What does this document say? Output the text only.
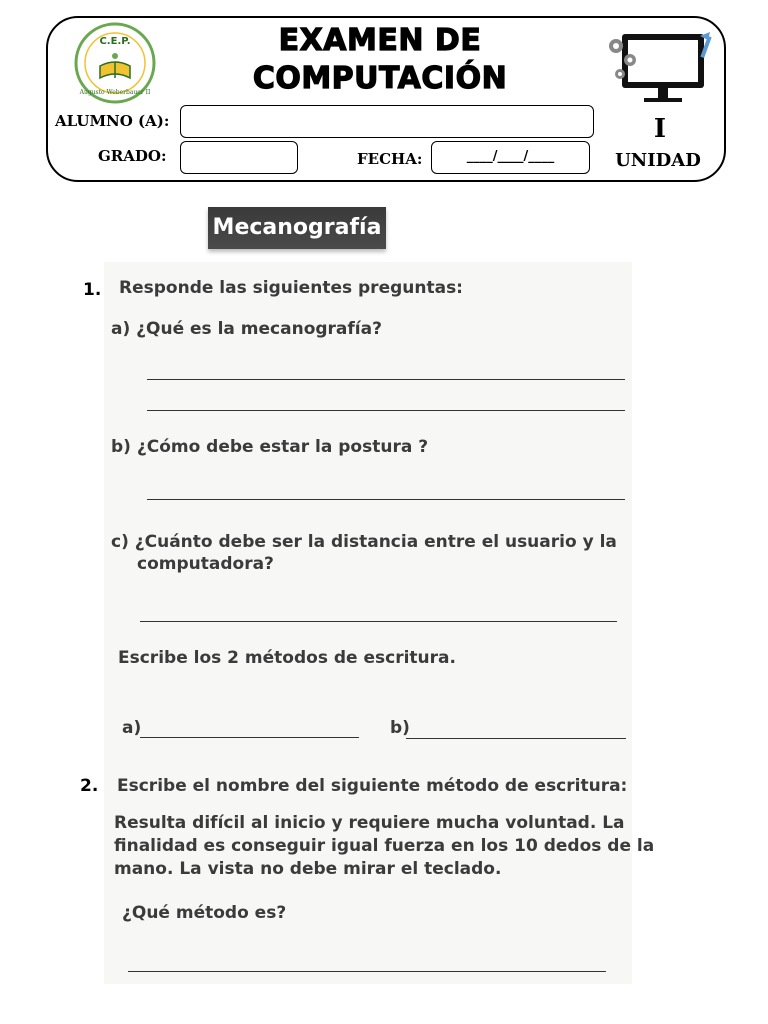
C.E.P.
Augusto Weberbauer II
EXAMEN DE
COMPUTACIÓN
ALUMNO (A):
GRADO:	FECHA:	____/____/____
I
UNIDAD
Mecanografía
1. Responde las siguientes preguntas:
a) ¿Qué es la mecanografía?
b) ¿Cómo debe estar la postura ?
c) ¿Cuánto debe ser la distancia entre el usuario y la
computadora?
Escribe los 2 métodos de escritura.
a)	b)
2. Escribe el nombre del siguiente método de escritura:
Resulta difícil al inicio y requiere mucha voluntad. La
finalidad es conseguir igual fuerza en los 10 dedos de la
mano. La vista no debe mirar el teclado.
¿Qué método es?
